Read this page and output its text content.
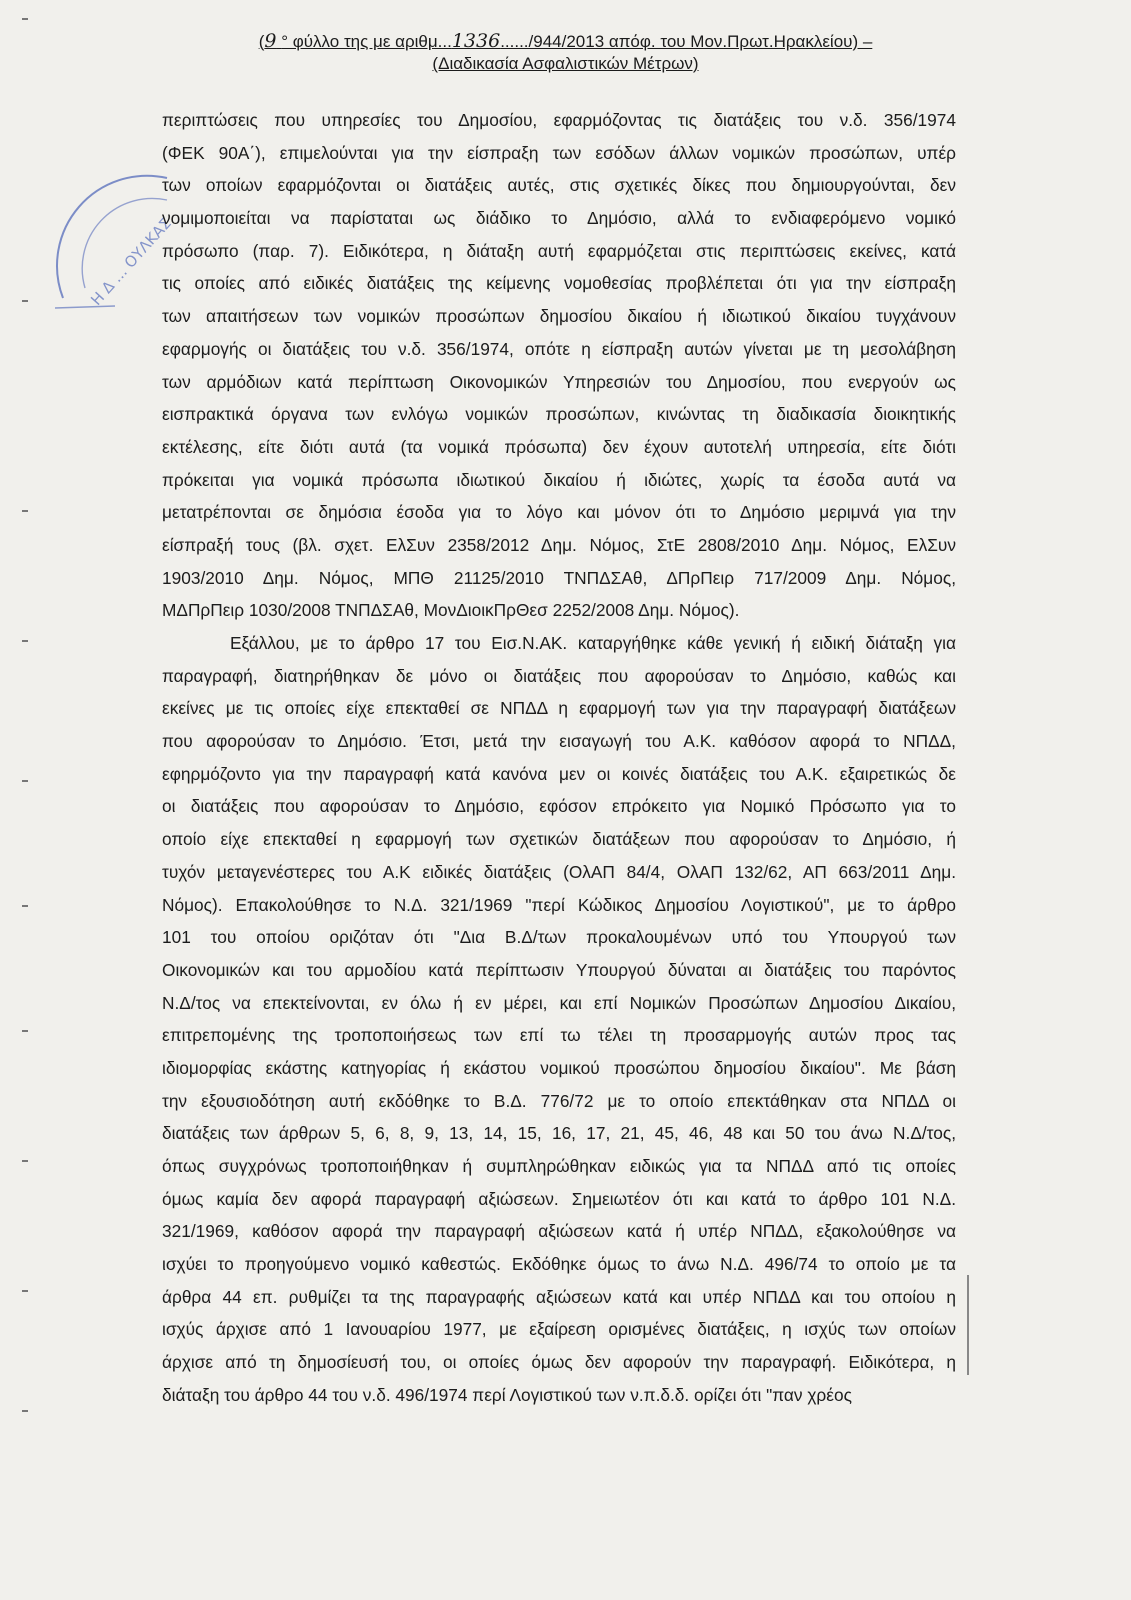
(9 ° φύλλο της με αριθμ...1336....../944/2013 απόφ. του Μον.Πρωτ.Ηρακλείου) –
(Διαδικασία Ασφαλιστικών Μέτρων)
Η Δ ... ΟΥΛΚΑΣ
περιπτώσεις που υπηρεσίες του Δημοσίου, εφαρμόζοντας τις διατάξεις του ν.δ. 356/1974
(ΦΕΚ 90Α΄), επιμελούνται για την είσπραξη των εσόδων άλλων νομικών προσώπων, υπέρ
των οποίων εφαρμόζονται οι διατάξεις αυτές, στις σχετικές δίκες που δημιουργούνται, δεν
νομιμοποιείται να παρίσταται ως διάδικο το Δημόσιο, αλλά το ενδιαφερόμενο νομικό
πρόσωπο (παρ. 7). Ειδικότερα, η διάταξη αυτή εφαρμόζεται στις περιπτώσεις εκείνες, κατά
τις οποίες από ειδικές διατάξεις της κείμενης νομοθεσίας προβλέπεται ότι για την είσπραξη
των απαιτήσεων των νομικών προσώπων δημοσίου δικαίου ή ιδιωτικού δικαίου τυγχάνουν
εφαρμογής οι διατάξεις του ν.δ. 356/1974, οπότε η είσπραξη αυτών γίνεται με τη μεσολάβηση
των αρμόδιων κατά περίπτωση Οικονομικών Υπηρεσιών του Δημοσίου, που ενεργούν ως
εισπρακτικά όργανα των ενλόγω νομικών προσώπων, κινώντας τη διαδικασία διοικητικής
εκτέλεσης, είτε διότι αυτά (τα νομικά πρόσωπα) δεν έχουν αυτοτελή υπηρεσία, είτε διότι
πρόκειται για νομικά πρόσωπα ιδιωτικού δικαίου ή ιδιώτες, χωρίς τα έσοδα αυτά να
μετατρέπονται σε δημόσια έσοδα για το λόγο και μόνον ότι το Δημόσιο μεριμνά για την
είσπραξή τους (βλ. σχετ. ΕλΣυν 2358/2012 Δημ. Νόμος, ΣτΕ 2808/2010 Δημ. Νόμος, ΕλΣυν
1903/2010 Δημ. Νόμος, ΜΠΘ 21125/2010 ΤΝΠΔΣΑθ, ΔΠρΠειρ 717/2009 Δημ. Νόμος,
ΜΔΠρΠειρ 1030/2008 ΤΝΠΔΣΑθ, ΜονΔιοικΠρΘεσ 2252/2008 Δημ. Νόμος).
Εξάλλου, με το άρθρο 17 του Εισ.Ν.ΑΚ. καταργήθηκε κάθε γενική ή ειδική διάταξη για
παραγραφή, διατηρήθηκαν δε μόνο οι διατάξεις που αφορούσαν το Δημόσιο, καθώς και
εκείνες με τις οποίες είχε επεκταθεί σε ΝΠΔΔ η εφαρμογή των για την παραγραφή διατάξεων
που αφορούσαν το Δημόσιο. Έτσι, μετά την εισαγωγή του Α.Κ. καθόσον αφορά το ΝΠΔΔ,
εφηρμόζοντο για την παραγραφή κατά κανόνα μεν οι κοινές διατάξεις του Α.Κ. εξαιρετικώς δε
οι διατάξεις που αφορούσαν το Δημόσιο, εφόσον επρόκειτο για Νομικό Πρόσωπο για το
οποίο είχε επεκταθεί η εφαρμογή των σχετικών διατάξεων που αφορούσαν το Δημόσιο, ή
τυχόν μεταγενέστερες του Α.Κ ειδικές διατάξεις (ΟλΑΠ 84/4, ΟλΑΠ 132/62, ΑΠ 663/2011 Δημ.
Νόμος). Επακολούθησε το Ν.Δ. 321/1969 "περί Κώδικος Δημοσίου Λογιστικού", με το άρθρο
101 του οποίου οριζόταν ότι "Δια Β.Δ/των προκαλουμένων υπό του Υπουργού των
Οικονομικών και του αρμοδίου κατά περίπτωσιν Υπουργού δύναται αι διατάξεις του παρόντος
Ν.Δ/τος να επεκτείνονται, εν όλω ή εν μέρει, και επί Νομικών Προσώπων Δημοσίου Δικαίου,
επιτρεπομένης της τροποποιήσεως των επί τω τέλει τη προσαρμογής αυτών προς τας
ιδιομορφίας εκάστης κατηγορίας ή εκάστου νομικού προσώπου δημοσίου δικαίου". Με βάση
την εξουσιοδότηση αυτή εκδόθηκε το Β.Δ. 776/72 με το οποίο επεκτάθηκαν στα ΝΠΔΔ οι
διατάξεις των άρθρων 5, 6, 8, 9, 13, 14, 15, 16, 17, 21, 45, 46, 48 και 50 του άνω Ν.Δ/τος,
όπως συγχρόνως τροποποιήθηκαν ή συμπληρώθηκαν ειδικώς για τα ΝΠΔΔ από τις οποίες
όμως καμία δεν αφορά παραγραφή αξιώσεων. Σημειωτέον ότι και κατά το άρθρο 101 Ν.Δ.
321/1969, καθόσον αφορά την παραγραφή αξιώσεων κατά ή υπέρ ΝΠΔΔ, εξακολούθησε να
ισχύει το προηγούμενο νομικό καθεστώς. Εκδόθηκε όμως το άνω Ν.Δ. 496/74 το οποίο με τα
άρθρα 44 επ. ρυθμίζει τα της παραγραφής αξιώσεων κατά και υπέρ ΝΠΔΔ και του οποίου η
ισχύς άρχισε από 1 Ιανουαρίου 1977, με εξαίρεση ορισμένες διατάξεις, η ισχύς των οποίων
άρχισε από τη δημοσίευσή του, οι οποίες όμως δεν αφορούν την παραγραφή. Ειδικότερα, η
διάταξη του άρθρο 44 του ν.δ. 496/1974 περί Λογιστικού των ν.π.δ.δ. ορίζει ότι "παν χρέος
